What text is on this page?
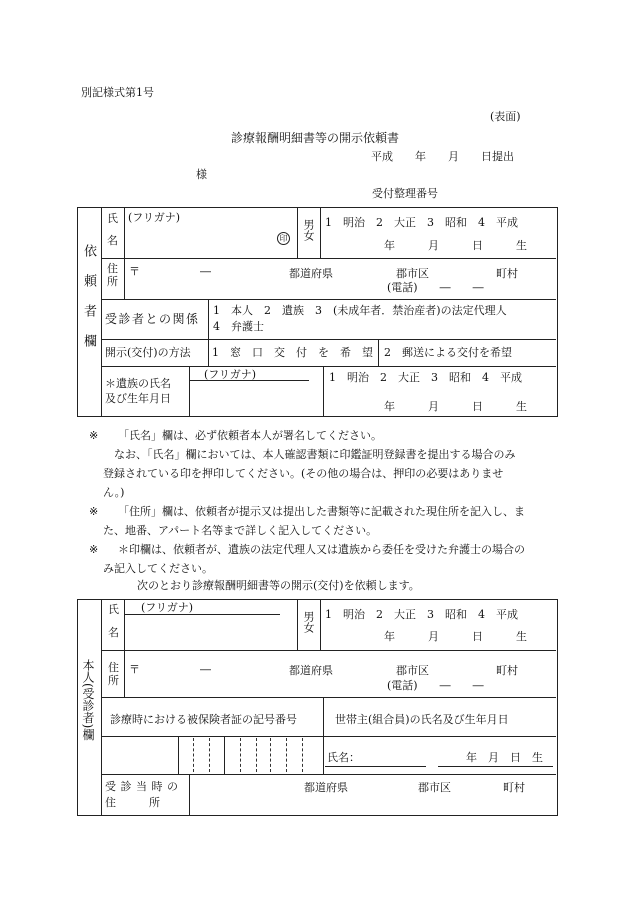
別記様式第1号
(表面)
診療報酬明細書等の開示依頼書
平成　　年　　月　　日提出
様
受付整理番号
依頼者欄
氏
名
(フリガナ)
印 男女 1　明治　2　大正　3　昭和　4　平成
年　　　月　　　日　　　生
住
所
〒	―	都道府県	郡市区	町村
(電話)　　―　　―
受診者との関係
1　本人　2　遺族　3　(未成年者．禁治産者)の法定代理人
4　弁護士
開示(交付)の方法 1　窓　口　交　付　を　希　望 2　郵送による交付を希望
＊遺族の氏名
及び生年月日
(フリガナ)	1　明治　2　大正　3　昭和　4　平成
年　　　月　　　日　　　生
※ 「氏名」欄は、必ず依頼者本人が署名してください。
なお、「氏名」欄においては、本人確認書類に印鑑証明登録書を提出する場合のみ
登録されている印を押印してください。(その他の場合は、押印の必要はありませ
ん。)
※ 「住所」欄は、依頼者が提示又は提出した書類等に記載された現住所を記入し、ま
た、地番、アパート名等まで詳しく記入してください。
※ ＊印欄は、依頼者が、遺族の法定代理人又は遺族から委任を受けた弁護士の場合の
み記入してください。
次のとおり診療報酬明細書等の開示(交付)を依頼します。
本人(受診者)欄
氏
名
(フリガナ)
男女 1　明治　2　大正　3　昭和　4　平成
年　　　月　　　日　　　生
住
所
〒	―	都道府県	郡市区	町村
(電話)　　―　　―
診療時における被保険者証の記号番号	世帯主(組合員)の氏名及び生年月日
氏名：	年　月　日　生
受 診 当 時 の
住　　　所
都道府県	郡市区	町村
